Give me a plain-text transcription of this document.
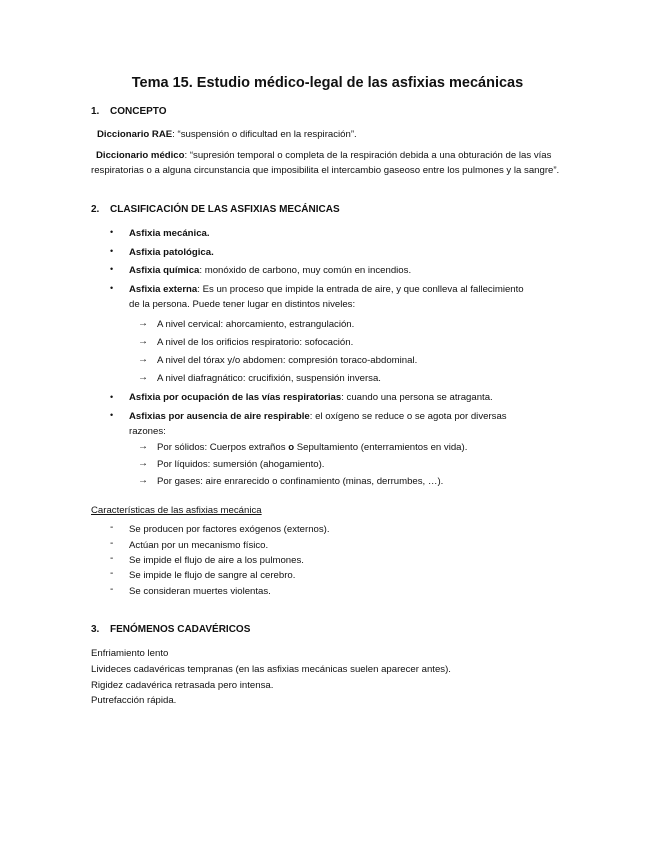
Tema 15. Estudio médico-legal de las asfixias mecánicas
1. CONCEPTO
Diccionario RAE: “suspensión o dificultad en la respiración”.
Diccionario médico: “supresión temporal o completa de la respiración debida a una obturación de las vías respiratorias o a alguna circunstancia que imposibilita el intercambio gaseoso entre los pulmones y la sangre”.
2. CLASIFICACIÓN DE LAS ASFIXIAS MECÁNICAS
• Asfixia mecánica.
• Asfixia patológica.
• Asfixia química: monóxido de carbono, muy común en incendios.
• Asfixia externa: Es un proceso que impide la entrada de aire, y que conlleva al fallecimiento de la persona. Puede tener lugar en distintos niveles:
→ A nivel cervical: ahorcamiento, estrangulación.
→ A nivel de los orificios respiratorio: sofocación.
→ A nivel del tórax y/o abdomen: compresión toraco-abdominal.
→ A nivel diafragnático: crucifixión, suspensión inversa.
• Asfixia por ocupación de las vías respiratorias: cuando una persona se atraganta.
• Asfixias por ausencia de aire respirable: el oxígeno se reduce o se agota por diversas razones:
→ Por sólidos: Cuerpos extraños o Sepultamiento (enterramientos en vida).
→ Por líquidos: sumersión (ahogamiento).
→ Por gases: aire enrarecido o confinamiento (minas, derrumbes, …).
Características de las asfixias mecánica
- Se producen por factores exógenos (externos).
- Actúan por un mecanismo físico.
- Se impide el flujo de aire a los pulmones.
- Se impide le flujo de sangre al cerebro.
- Se consideran muertes violentas.
3. FENÓMENOS CADAVÉRICOS
Enfriamiento lento
Livideces cadavéricas tempranas (en las asfixias mecánicas suelen aparecer antes).
Rigidez cadavérica retrasada pero intensa.
Putrefacción rápida.
